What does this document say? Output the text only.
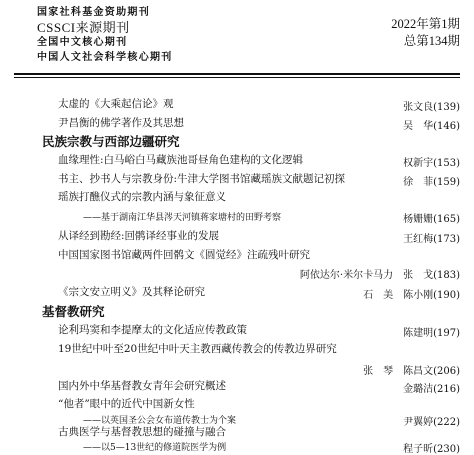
国家社科基金资助期刊
CSSCI来源期刊
全国中文核心期刊
中国人文社会科学核心期刊
2022年第1期
总第134期
太虚的《大乘起信论》观	张文良(139)
尹昌衡的佛学著作及其思想	吴　华(146)
民族宗教与西部边疆研究
血缘理性:白马峪白马藏族池哥昼角色建构的文化逻辑	权新宇(153)
书主、抄书人与宗教身份:牛津大学图书馆藏瑶族文献题记初探	徐　菲(159)
瑶族打醮仪式的宗教内涵与象征意义
——基于湖南江华县涔天河镇蒋家塘村的田野考察	杨姗姗(165)
从译经到勘经:回鹘译经事业的发展	王红梅(173)
中国国家图书馆藏两件回鹘文《圆觉经》注疏残叶研究
阿依达尔·米尔卡马力　张　戈(183)
《宗文安立明义》及其释论研究	石　美　陈小刚(190)
基督教研究
论利玛窦和李提摩太的文化适应传教政策	陈建明(197)
19世纪中叶至20世纪中叶天主教西藏传教会的传教边界研究
张　琴　陈昌文(206)
国内外中华基督教女青年会研究概述	金璐洁(216)
“他者”眼中的近代中国新女性
——以英国圣公会女布道传教士为个案	尹翼婷(222)
古典医学与基督教思想的碰撞与融合
——以5—13世纪的修道院医学为例	程子昕(230)
